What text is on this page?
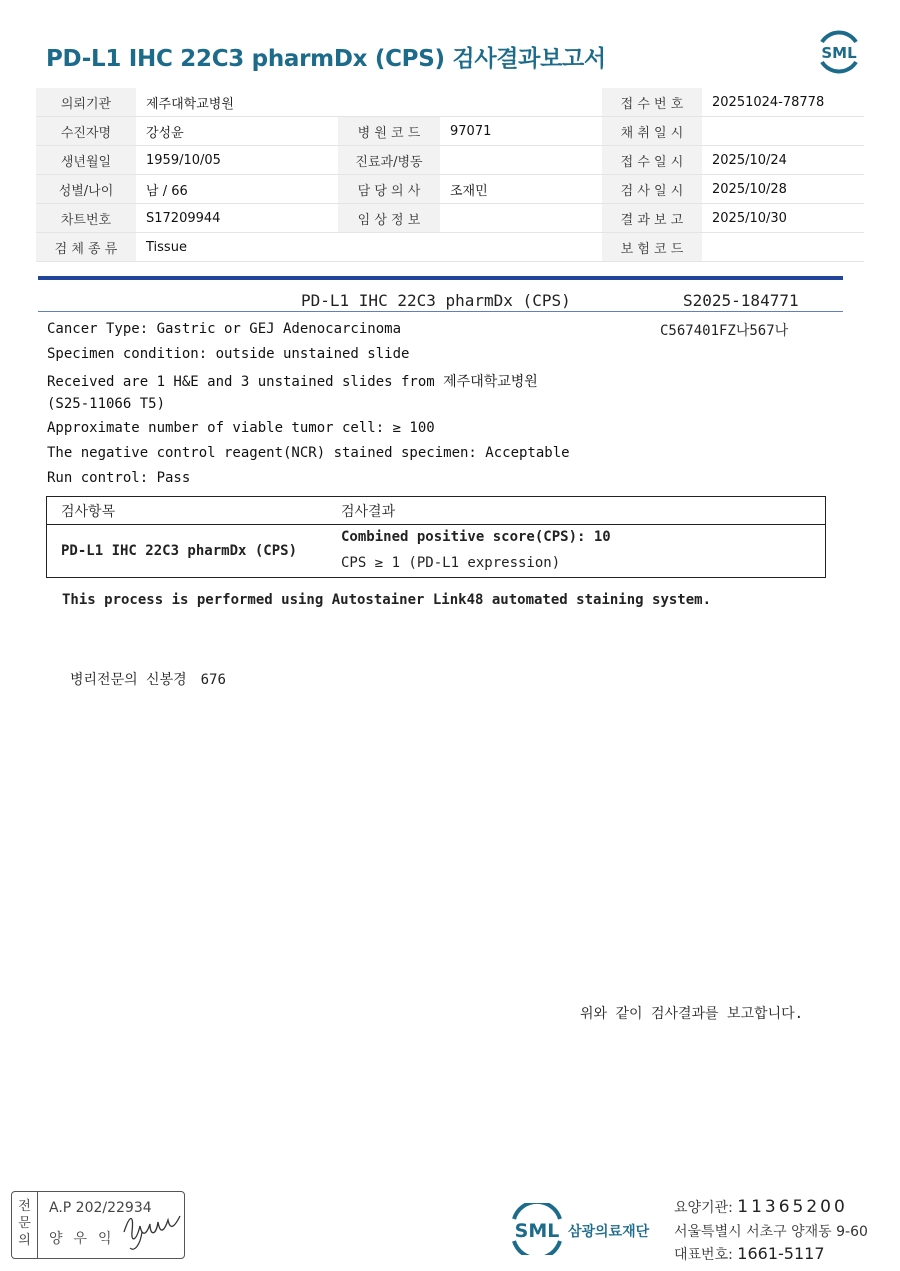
PD-L1 IHC 22C3 pharmDx (CPS) 검사결과보고서	SML
의뢰기관	제주대학교병원			접 수 번 호	20251024-78778
수진자명	강성윤	병 원 코 드	97071	채 취 일 시	
생년월일	1959/10/05	진료과/병동		접 수 일 시	2025/10/24
성별/나이	남 / 66	담 당 의 사	조재민	검 사 일 시	2025/10/28
차트번호	S17209944	임 상 정 보		결 과 보 고	2025/10/30
검 체 종 류	Tissue			보 험 코 드	
PD-L1 IHC 22C3 pharmDx (CPS)	S2025-184771
C567401FZ나567나
Cancer Type: Gastric or GEJ Adenocarcinoma
Specimen condition: outside unstained slide
Received are 1 H&E and 3 unstained slides from 제주대학교병원
(S25-11066 T5)
Approximate number of viable tumor cell: ≥ 100
The negative control reagent(NCR) stained specimen: Acceptable
Run control: Pass
검사항목	검사결과
PD-L1 IHC 22C3 pharmDx (CPS)	Combined positive score(CPS): 10
CPS ≥ 1 (PD-L1 expression)
This process is performed using Autostainer Link48 automated staining system.
병리전문의 신봉경 676
위와 같이 검사결과를 보고합니다.
전
문
의
A.P 202/22934
양우익	SML 삼광의료재단
요양기관: 11365200
서울특별시 서초구 양재동 9-60
대표번호: 1661-5117
